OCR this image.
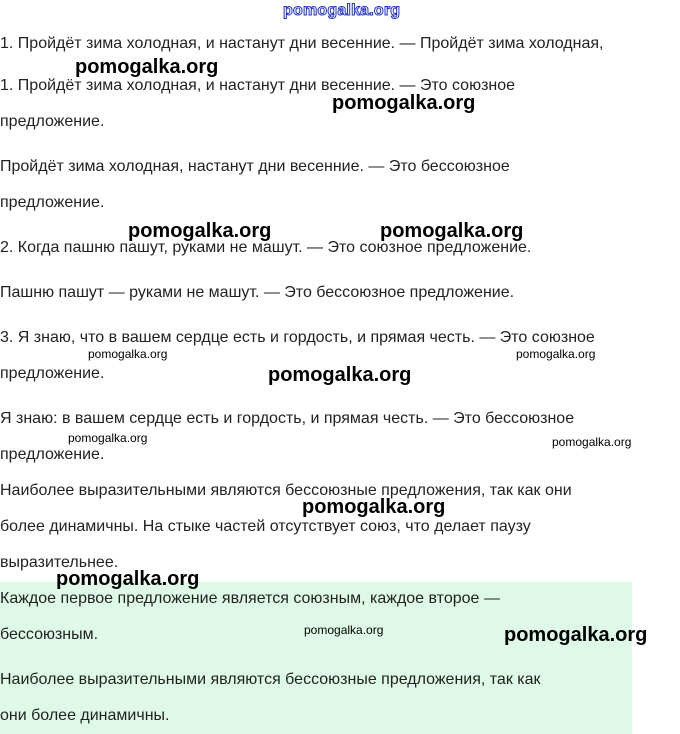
1. Пройдёт зима холодная, и настанут дни весенние. — Пройдёт зима холодная,

1. Пройдёт зима холодная, и настанут дни весенние. — Это союзное

предложение.

Пройдёт зима холодная, настанут дни весенние. — Это бессоюзное

предложение.

2. Когда пашню пашут, руками не машут. — Это союзное предложение.

Пашню пашут — руками не машут. — Это бессоюзное предложение.

3. Я знаю, что в вашем сердце есть и гордость, и прямая честь. — Это союзное

предложение.

Я знаю: в вашем сердце есть и гордость, и прямая честь. — Это бессоюзное

предложение.

Наиболее выразительными являются бессоюзные предложения, так как они

более динамичны. На стыке частей отсутствует союз, что делает паузу

выразительнее.

Каждое первое предложение является союзным, каждое второе —

бессоюзным.

Наиболее выразительными являются бессоюзные предложения, так как

они более динамичны.

pomogalka.org
pomogalka.org
pomogalka.org
pomogalka.org	pomogalka.org
pomogalka.org	pomogalka.org
pomogalka.org
pomogalka.org	pomogalka.org
pomogalka.org
pomogalka.org
pomogalka.org	pomogalka.org
